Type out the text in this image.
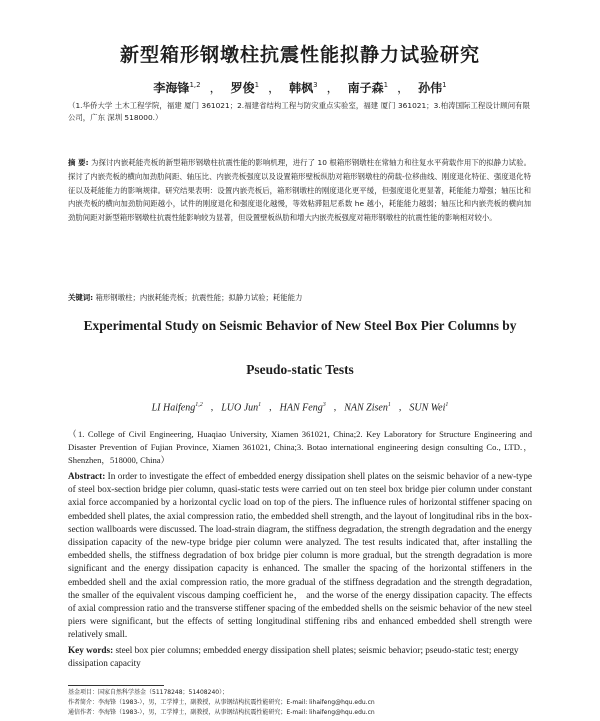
新型箱形钢墩柱抗震性能拟静力试验研究
李海锋$^{1,2}$ ， 罗俊$^1$ ， 韩枫$^3$ ， 南子森$^1$ ， 孙伟$^1$
（1.华侨大学 土木工程学院，福建 厦门 361021；2.福建省结构工程与防灾重点实验室，福建 厦门 361021；3.柏涛国际工程设计顾问有限公司，广东 深圳 518000.）
摘 要: 为探讨内嵌耗能壳板的新型箱形钢墩柱抗震性能的影响机理，进行了 10 根箱形钢墩柱在常轴力和往复水平荷载作用下的拟静力试验。探讨了内嵌壳板的横向加劲肋间距、轴压比、内嵌壳板强度以及设置箱形壁板纵肋对箱形钢墩柱的荷载-位移曲线、刚度退化特征、强度退化特征以及耗能能力的影响规律。研究结果表明：设置内嵌壳板后，箱形钢墩柱的刚度退化更平缓，但强度退化更显著，耗能能力增强；轴压比和内嵌壳板的横向加劲肋间距越小，试件的刚度退化和强度退化越慢，等效粘滞阻尼系数 he 越小，耗能能力越弱；轴压比和内嵌壳板的横向加劲肋间距对新型箱形钢墩柱抗震性能影响较为显著，但设置壁板纵肋和增大内嵌壳板强度对箱形钢墩柱的抗震性能的影响相对较小。
关键词: 箱形钢墩柱；内嵌耗能壳板；抗震性能；拟静力试验；耗能能力
Experimental Study on Seismic Behavior of New Steel Box Pier Columns by
Pseudo-static Tests
LI Haifeng$^{1,2}$ , LUO Jun$^1$ , HAN Feng$^3$ , NAN Zisen$^1$ , SUN Wei$^1$
（1. College of Civil Engineering, Huaqiao University, Xiamen 361021, China;2. Key Laboratory for Structure Engineering and Disaster Prevention of Fujian Province, Xiamen 361021, China;3. Botao international engineering design consulting Co., LTD.，Shenzhen，518000, China）
Abstract: In order to investigate the effect of embedded energy dissipation shell plates on the seismic behavior of a new-type of steel box-section bridge pier column, quasi-static tests were carried out on ten steel box bridge pier column under constant axial force accompanied by a horizontal cyclic load on top of the piers. The influence rules of horizontal stiffener spacing on embedded shell plates, the axial compression ratio, the embedded shell strength, and the layout of longitudinal ribs in the box-section wallboards were discussed. The load-strain diagram, the stiffness degradation, the strength degradation and the energy dissipation capacity of the new-type bridge pier column were analyzed. The test results indicated that, after installing the embedded shells, the stiffness degradation of box bridge pier column is more gradual, but the strength degradation is more significant and the energy dissipation capacity is enhanced. The smaller the spacing of the horizontal stiffeners in the embedded shell and the axial compression ratio, the more gradual of the stiffness degradation and the strength degradation, the smaller of the equivalent viscous damping coefficient he， and the worse of the energy dissipation capacity. The effects of axial compression ratio and the transverse stiffener spacing of the embedded shells on the seismic behavior of the new steel piers were significant, but the effects of setting longitudinal stiffening ribs and enhanced embedded shell strength were relatively small.
Key words: steel box pier columns; embedded energy dissipation shell plates; seismic behavior; pseudo-static test; energy dissipation capacity
基金项目：国家自然科学基金（51178248；51408240）；
作者简介：李海锋（1983-），男，工学博士，副教授，从事钢结构抗震性能研究；E-mail: lihaifeng@hqu.edu.cn
通信作者：李海锋（1983-），男，工学博士，副教授，从事钢结构抗震性能研究；E-mail: lihaifeng@hqu.edu.cn
